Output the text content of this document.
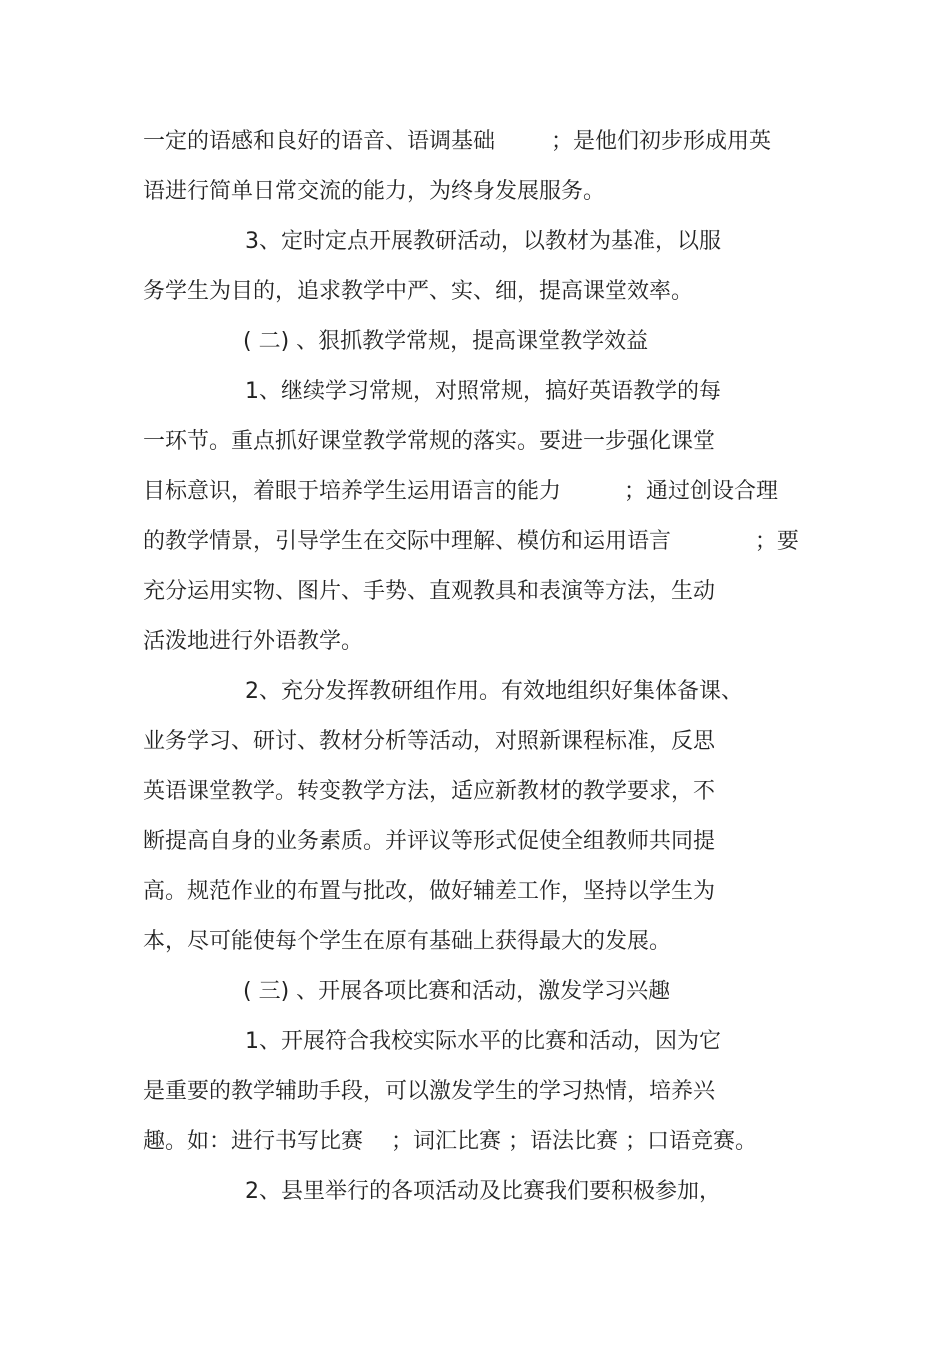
一定的语感和良好的语音、语调基础        ；是他们初步形成用英
语进行简单日常交流的能力，为终身发展服务。
3、定时定点开展教研活动，以教材为基准，以服
务学生为目的，追求教学中严、实、细，提高课堂效率。
( 二) 、狠抓教学常规，提高课堂教学效益
1、继续学习常规，对照常规，搞好英语教学的每
一环节。重点抓好课堂教学常规的落实。要进一步强化课堂
目标意识，着眼于培养学生运用语言的能力         ；通过创设合理
的教学情景，引导学生在交际中理解、模仿和运用语言            ；要
充分运用实物、图片、手势、直观教具和表演等方法，生动
活泼地进行外语教学。
2、充分发挥教研组作用。有效地组织好集体备课、
业务学习、研讨、教材分析等活动，对照新课程标准，反思
英语课堂教学。转变教学方法，适应新教材的教学要求，不
断提高自身的业务素质。并评议等形式促使全组教师共同提
高。规范作业的布置与批改，做好辅差工作，坚持以学生为
本，尽可能使每个学生在原有基础上获得最大的发展。
( 三) 、开展各项比赛和活动，激发学习兴趣
1、开展符合我校实际水平的比赛和活动，因为它
是重要的教学辅助手段，可以激发学生的学习热情，培养兴
趣。如：进行书写比赛    ；词汇比赛 ；语法比赛 ；口语竞赛。
2、县里举行的各项活动及比赛我们要积极参加，
